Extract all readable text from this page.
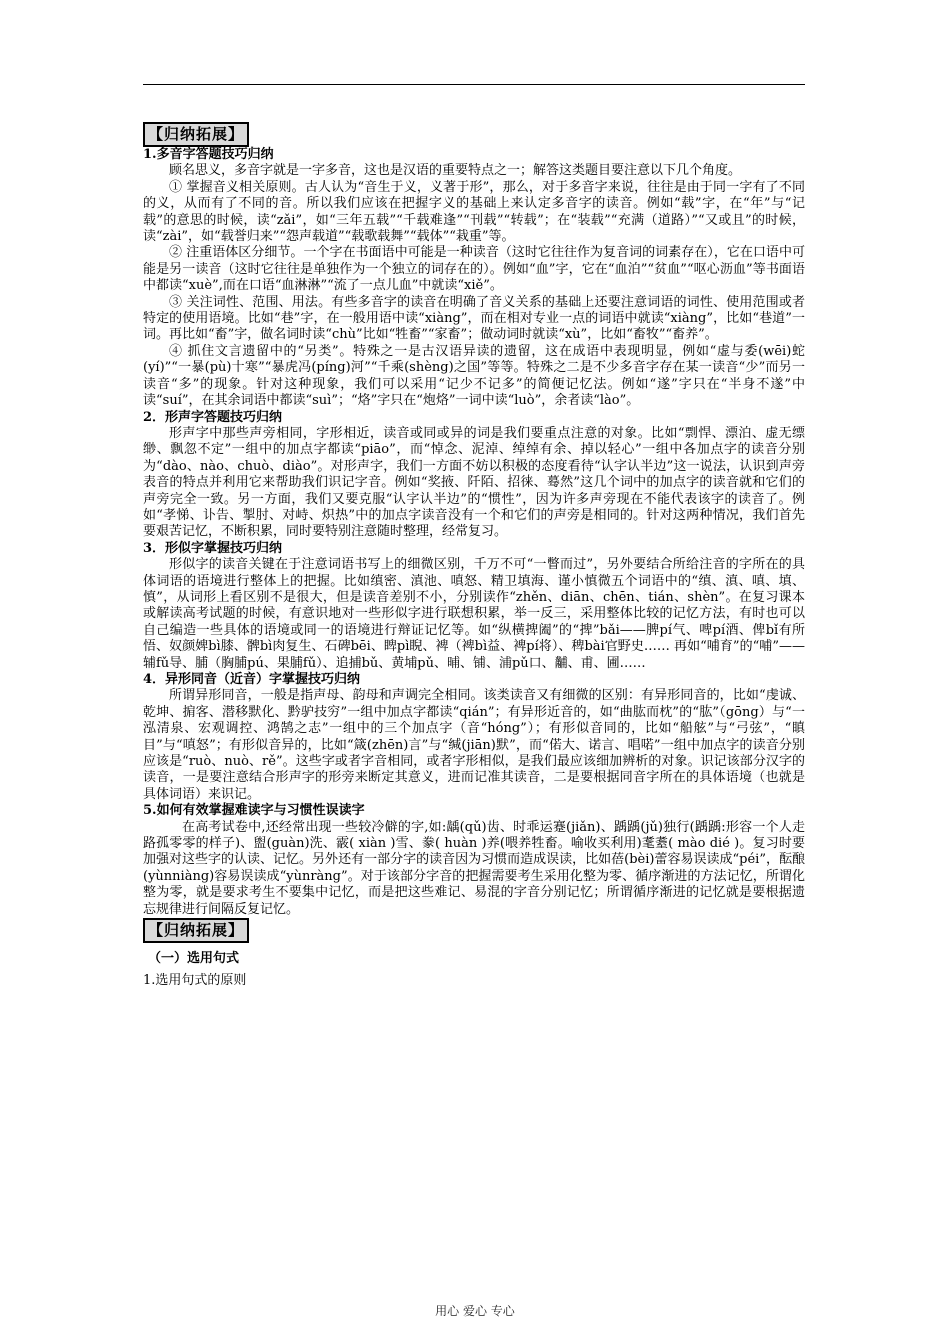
【归纳拓展】
1.多音字答题技巧归纳

顾名思义，多音字就是一字多音，这也是汉语的重要特点之一；解答这类题目要注意以下几个角度。

① 掌握音义相关原则。古人认为“音生于义，义著于形”，那么，对于多音字来说，往往是由于同一字有了不同的义，从而有了不同的音。所以我们应该在把握字义的基础上来认定多音字的读音。例如“载”字，在“年”与“记载”的意思的时候，读“zǎi”，如“三年五载”“千载难逢”“刊载”“转载”；在“装载”“充满（道路）”“又或且”的时候，读“zài”，如“载誉归来”“怨声载道”“载歌载舞”“载体”“栽重”等。

② 注重语体区分细节。一个字在书面语中可能是一种读音（这时它往往作为复音词的词素存在），它在口语中可能是另一读音（这时它往往是单独作为一个独立的词存在的）。例如“血”字，它在“血泊”“贫血”“呕心沥血”等书面语中都读“xuè”,而在口语“血淋淋”“流了一点儿血”中就读“xiě”。

③ 关注词性、范围、用法。有些多音字的读音在明确了音义关系的基础上还要注意词语的词性、使用范围或者特定的使用语境。比如“巷”字，在一般用语中读“xiàng”，而在相对专业一点的词语中就读“xiàng”，比如“巷道”一词。再比如“畜”字，做名词时读“chù”比如“牲畜”“家畜”；做动词时就读“xù”，比如“畜牧”“畜养”。

④ 抓住文言遗留中的“另类”。特殊之一是古汉语异读的遗留，这在成语中表现明显，例如“虚与委(wēi)蛇(yí)”“一暴(pù)十寒”“暴虎冯(píng)河”“千乘(shèng)之国”等等。特殊之二是不少多音字存在某一读音“少”而另一读音“多”的现象。针对这种现象，我们可以采用“记少不记多”的简便记忆法。例如“遂”字只在“半身不遂”中读“suí”，在其余词语中都读“suì”；“烙”字只在“炮烙”一词中读“luò”，余者读“lào”。

2．形声字答题技巧归纳

形声字中那些声旁相同，字形相近，读音或同或异的词是我们要重点注意的对象。比如“剽悍、漂泊、虚无缥缈、飘忽不定”一组中的加点字都读“piāo”，而“悼念、泥淖、绰绰有余、掉以轻心”一组中各加点字的读音分别为“dào、nào、chuò、diào”。对形声字，我们一方面不妨以积极的态度看待“认字认半边”这一说法，认识到声旁表音的特点并利用它来帮助我们识记字音。例如“奖掖、阡陌、招徕、蓦然”这几个词中的加点字的读音就和它们的声旁完全一致。另一方面，我们又要克服“认字认半边”的“惯性”，因为许多声旁现在不能代表该字的读音了。例如“孝悌、讣告、掣肘、对峙、炽热”中的加点字读音没有一个和它们的声旁是相同的。针对这两种情况，我们首先要艰苦记忆，不断积累，同时要特别注意随时整理，经常复习。

3．形似字掌握技巧归纳

形似字的读音关键在于注意词语书写上的细微区别，千万不可“一瞥而过”，另外要结合所给注音的字所在的具体词语的语境进行整体上的把握。比如缜密、滇池、嗔怒、精卫填海、谨小慎微五个词语中的“缜、滇、嗔、填、慎”，从词形上看区别不是很大，但是读音差别不小，分别读作“zhěn、diān、chēn、tián、shèn”。在复习课本或解读高考试题的时候，有意识地对一些形似字进行联想积累，举一反三，采用整体比较的记忆方法，有时也可以自己编造一些具体的语境或同一的语境进行辩证记忆等。如“纵横捭阖”的“捭”bǎi——脾pí气、啤pí酒、俾bǐ有所悟、奴颜婢bì膝、髀bì肉复生、石碑bēi、睥pì睨、裨（裨bì益、裨pí将）、稗bài官野史…… 再如“哺育”的“哺”——辅fǔ导、脯（胸脯pú、果脯fǔ）、追捕bǔ、黄埔pǔ、晡、铺、浦pǔ口、黼、甫、圃……

4．异形同音（近音）字掌握技巧归纳

所谓异形同音，一般是指声母、韵母和声调完全相同。该类读音又有细微的区别：有异形同音的，比如“虔诚、乾坤、掮客、潜移默化、黔驴技穷”一组中加点字都读“qián”；有异形近音的，如“曲肱而枕”的“肱”（gōng）与“一泓清泉、宏观调控、鸿鹄之志”一组中的三个加点字（音“hóng”）；有形似音同的，比如“船舷”与“弓弦”，“瞋目”与“嗔怒”；有形似音异的，比如“箴(zhēn)言”与“缄(jiān)默”，而“偌大、诺言、唱喏”一组中加点字的读音分别应该是“ruò、nuò、rě”。这些字或者字音相同，或者字形相似，是我们最应该细加辨析的对象。识记该部分汉字的读音，一是要注意结合形声字的形旁来断定其意义，进而记准其读音，二是要根据同音字所在的具体语境（也就是具体词语）来识记。

5.如何有效掌握难读字与习惯性误读字

在高考试卷中,还经常出现一些较冷僻的字,如:龋(qǔ)齿、时乖运蹇(jiǎn)、踽踽(jǔ)独行(踽踽:形容一个人走路孤零零的样子)、盥(guàn)洗、霰( xiàn )雪、豢( huàn )养(喂养牲畜。喻收买利用)耄耋( mào dié )。复习时要加强对这些字的认读、记忆。另外还有一部分字的读音因为习惯而造成误读，比如蓓(bèi)蕾容易误读成“péi”，酝酿(yùnniàng)容易误读成“yùnràng”。对于该部分字音的把握需要考生采用化整为零、循序渐进的方法记忆，所谓化整为零，就是要求考生不要集中记忆，而是把这些难记、易混的字音分别记忆；所谓循序渐进的记忆就是要根据遗忘规律进行间隔反复记忆。

【归纳拓展】
（一）选用句式
1.选用句式的原则
用心 爱心 专心
